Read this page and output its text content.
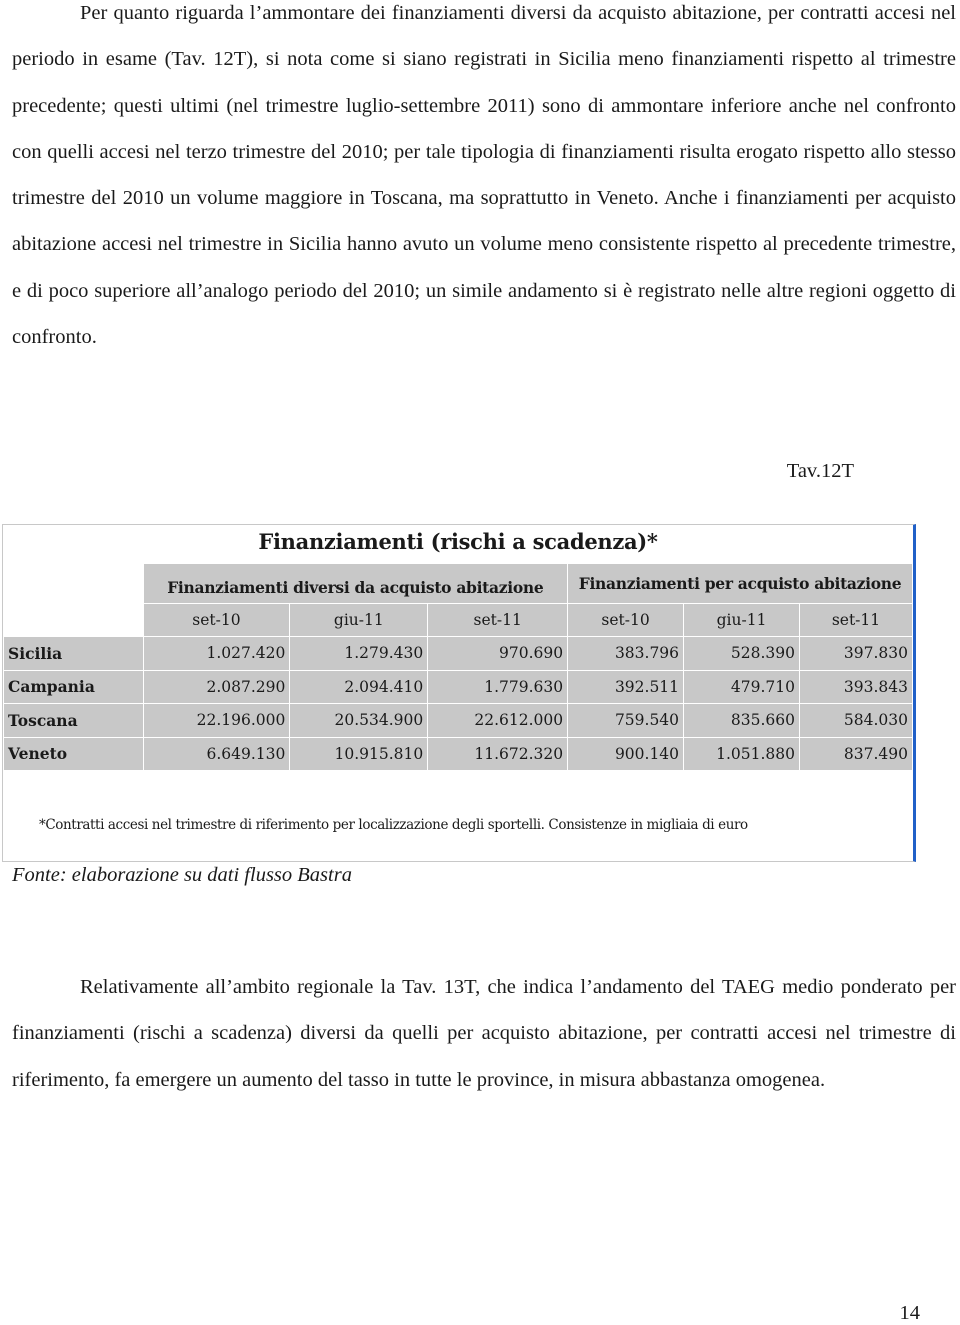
Per quanto riguarda l’ammontare dei finanziamenti diversi da acquisto abitazione, per contratti accesi nel periodo in esame (Tav. 12T), si nota come si siano registrati in Sicilia meno finanziamenti rispetto al trimestre precedente; questi ultimi (nel trimestre luglio-settembre 2011) sono di ammontare inferiore anche nel confronto con quelli accesi nel terzo trimestre del 2010; per tale tipologia di finanziamenti risulta erogato rispetto allo stesso trimestre del 2010 un volume maggiore in Toscana, ma soprattutto in Veneto. Anche i finanziamenti per acquisto abitazione accesi nel trimestre in Sicilia hanno avuto un volume meno consistente rispetto al precedente trimestre, e di poco superiore all’analogo periodo del 2010; un simile andamento si è registrato nelle altre regioni oggetto di confronto.

Tav.12T

Finanziamenti (rischi a scadenza)*
	Finanziamenti diversi da acquisto abitazione			Finanziamenti per acquisto abitazione		

	set-10	giu-11	set-11	set-10	giu-11	set-11
Sicilia	1.027.420	1.279.430	970.690	383.796	528.390	397.830
Campania	2.087.290	2.094.410	1.779.630	392.511	479.710	393.843
Toscana	22.196.000	20.534.900	22.612.000	759.540	835.660	584.030
Veneto	6.649.130	10.915.810	11.672.320	900.140	1.051.880	837.490
*Contratti accesi nel trimestre di riferimento per localizzazione degli sportelli. Consistenze in migliaia di euro

Fonte: elaborazione su dati flusso Bastra

Relativamente all’ambito regionale la Tav. 13T, che indica l’andamento del TAEG medio ponderato per finanziamenti (rischi a scadenza) diversi da quelli per acquisto abitazione, per contratti accesi nel trimestre di riferimento, fa emergere un aumento del tasso in tutte le province, in misura abbastanza omogenea.

14
